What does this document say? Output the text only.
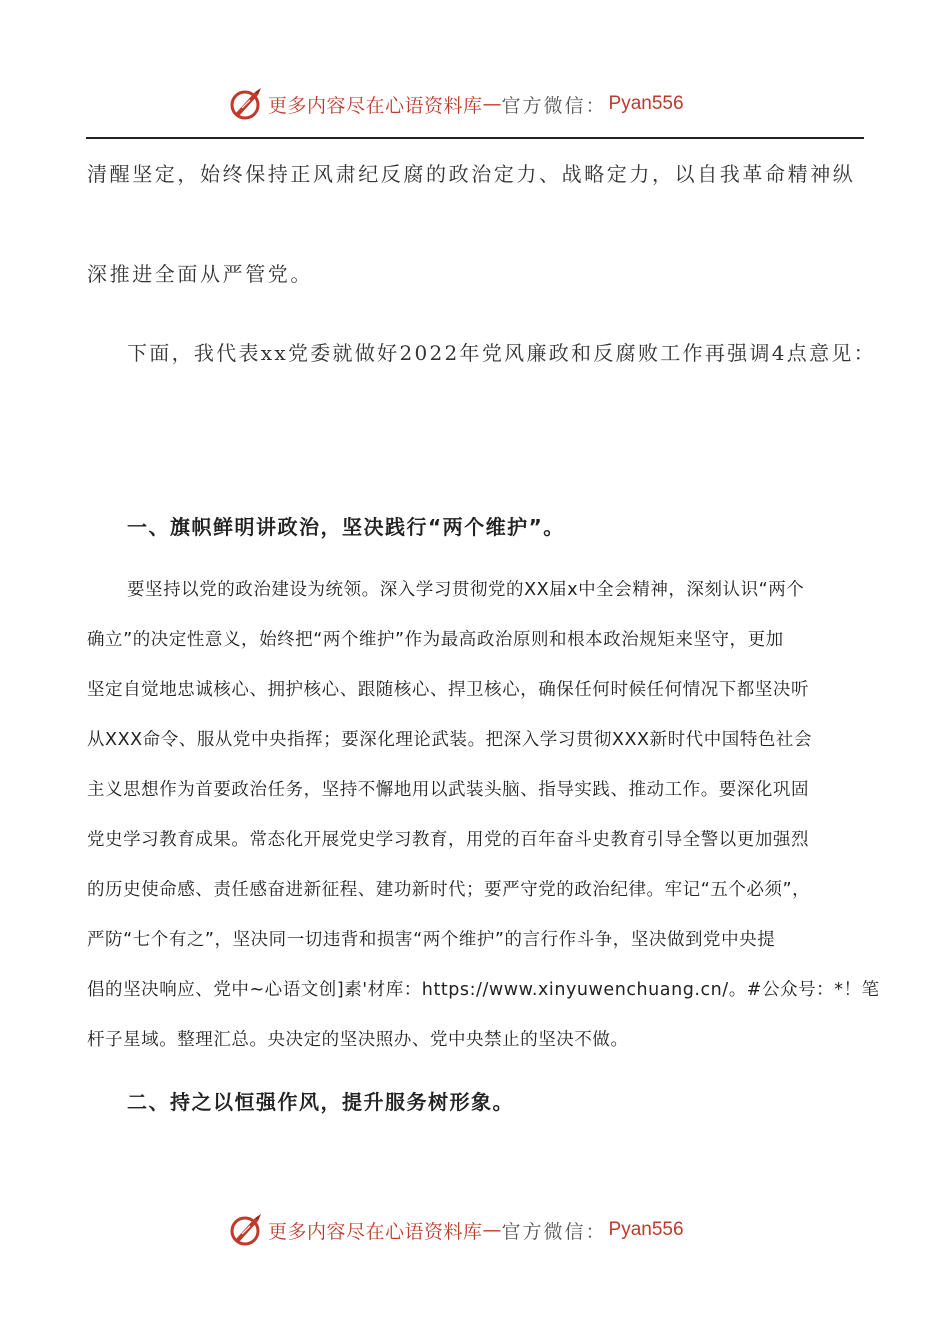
更多内容尽在心语资料库 — 官方微信： Pyan556
清醒坚定，始终保持正风肃纪反腐的政治定力、战略定力，以自我革命精神纵
深推进全面从严管党。
下面，我代表xx党委就做好2022年党风廉政和反腐败工作再强调4点意见：
一、旗帜鲜明讲政治，坚决践行“两个维护”。
要坚持以党的政治建设为统领。深入学习贯彻党的XX届x中全会精神，深刻认识“两个
确立”的决定性意义，始终把“两个维护”作为最高政治原则和根本政治规矩来坚守，更加
坚定自觉地忠诚核心、拥护核心、跟随核心、捍卫核心，确保任何时候任何情况下都坚决听
从XXX命令、服从党中央指挥；要深化理论武装。把深入学习贯彻XXX新时代中国特色社会
主义思想作为首要政治任务，坚持不懈地用以武装头脑、指导实践、推动工作。要深化巩固
党史学习教育成果。常态化开展党史学习教育，用党的百年奋斗史教育引导全警以更加强烈
的历史使命感、责任感奋进新征程、建功新时代；要严守党的政治纪律。牢记“五个必须”，
严防“七个有之”，坚决同一切违背和损害“两个维护”的言行作斗争，坚决做到党中央提
倡的坚决响应、党中~心语文创]素'材库：https://www.xinyuwenchuang.cn/。#公众号：*！笔
杆子星域。整理汇总。央决定的坚决照办、党中央禁止的坚决不做。
二、持之以恒强作风，提升服务树形象。
更多内容尽在心语资料库 — 官方微信： Pyan556
